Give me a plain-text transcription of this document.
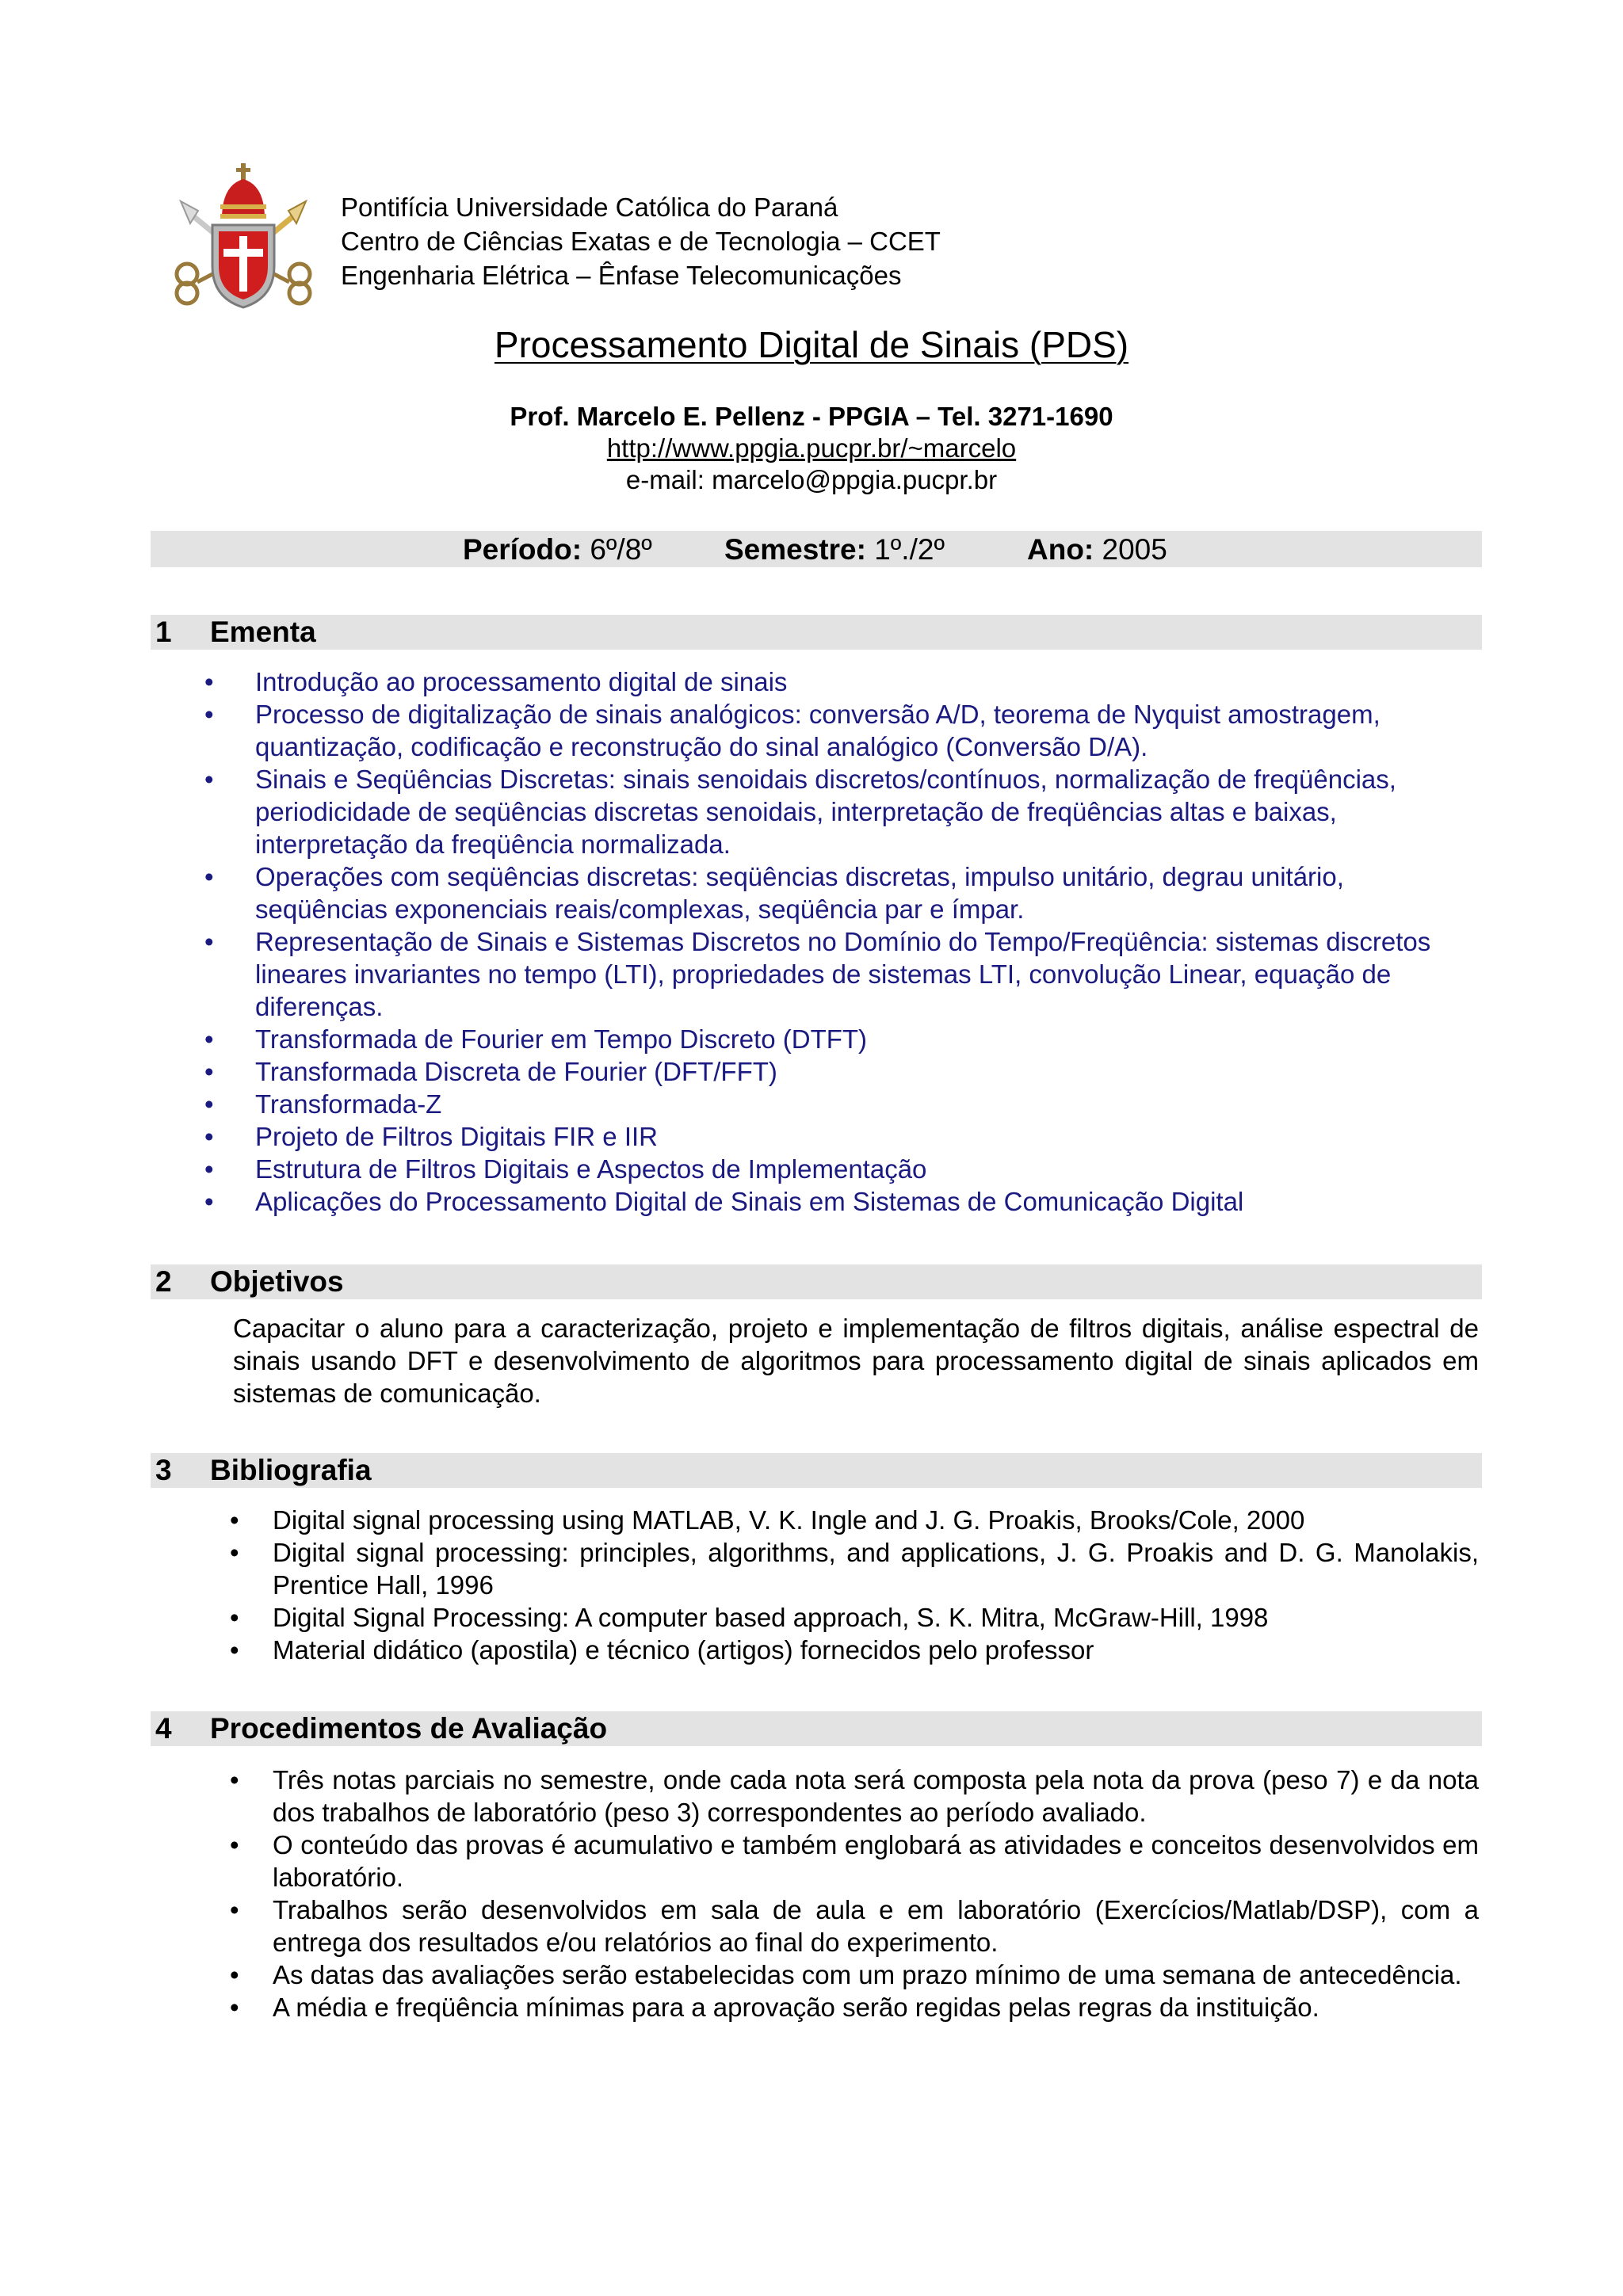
Pontifícia Universidade Católica do Paraná
Centro de Ciências Exatas e de Tecnologia – CCET
Engenharia Elétrica – Ênfase Telecomunicações
Processamento Digital de Sinais (PDS)
Prof. Marcelo E. Pellenz - PPGIA – Tel. 3271-1690
http://www.ppgia.pucpr.br/~marcelo
e-mail: marcelo@ppgia.pucpr.br
Período: 6º/8º Semestre: 1º./2º	Ano: 2005
1 Ementa
• Introdução ao processamento digital de sinais
• Processo de digitalização de sinais analógicos: conversão A/D, teorema de Nyquist amostragem, quantização, codificação e reconstrução do sinal analógico (Conversão D/A).
• Sinais e Seqüências Discretas: sinais senoidais discretos/contínuos, normalização de freqüências, periodicidade de seqüências discretas senoidais, interpretação de freqüências altas e baixas, interpretação da freqüência normalizada.
• Operações com seqüências discretas: seqüências discretas, impulso unitário, degrau unitário, seqüências exponenciais reais/complexas, seqüência par e ímpar.
• Representação de Sinais e Sistemas Discretos no Domínio do Tempo/Freqüência: sistemas discretos lineares invariantes no tempo (LTI), propriedades de sistemas LTI, convolução Linear, equação de diferenças.
• Transformada de Fourier em Tempo Discreto (DTFT)
• Transformada Discreta de Fourier (DFT/FFT)
• Transformada-Z
• Projeto de Filtros Digitais FIR e IIR
• Estrutura de Filtros Digitais e Aspectos de Implementação
• Aplicações do Processamento Digital de Sinais em Sistemas de Comunicação Digital
2 Objetivos
Capacitar o aluno para a caracterização, projeto e implementação de filtros digitais, análise espectral de sinais usando DFT e desenvolvimento de algoritmos para processamento digital de sinais aplicados em sistemas de comunicação.
3 Bibliografia
• Digital signal processing using MATLAB, V. K. Ingle and J. G. Proakis, Brooks/Cole, 2000
• Digital signal processing: principles, algorithms, and applications, J. G. Proakis and D. G. Manolakis, Prentice Hall, 1996
• Digital Signal Processing: A computer based approach, S. K. Mitra, McGraw-Hill, 1998
• Material didático (apostila) e técnico (artigos) fornecidos pelo professor
4 Procedimentos de Avaliação
• Três notas parciais no semestre, onde cada nota será composta pela nota da prova (peso 7) e da nota dos trabalhos de laboratório (peso 3) correspondentes ao período avaliado.
• O conteúdo das provas é acumulativo e também englobará as atividades e conceitos desenvolvidos em laboratório.
• Trabalhos serão desenvolvidos em sala de aula e em laboratório (Exercícios/Matlab/DSP), com a entrega dos resultados e/ou relatórios ao final do experimento.
• As datas das avaliações serão estabelecidas com um prazo mínimo de uma semana de antecedência.
• A média e freqüência mínimas para a aprovação serão regidas pelas regras da instituição.
